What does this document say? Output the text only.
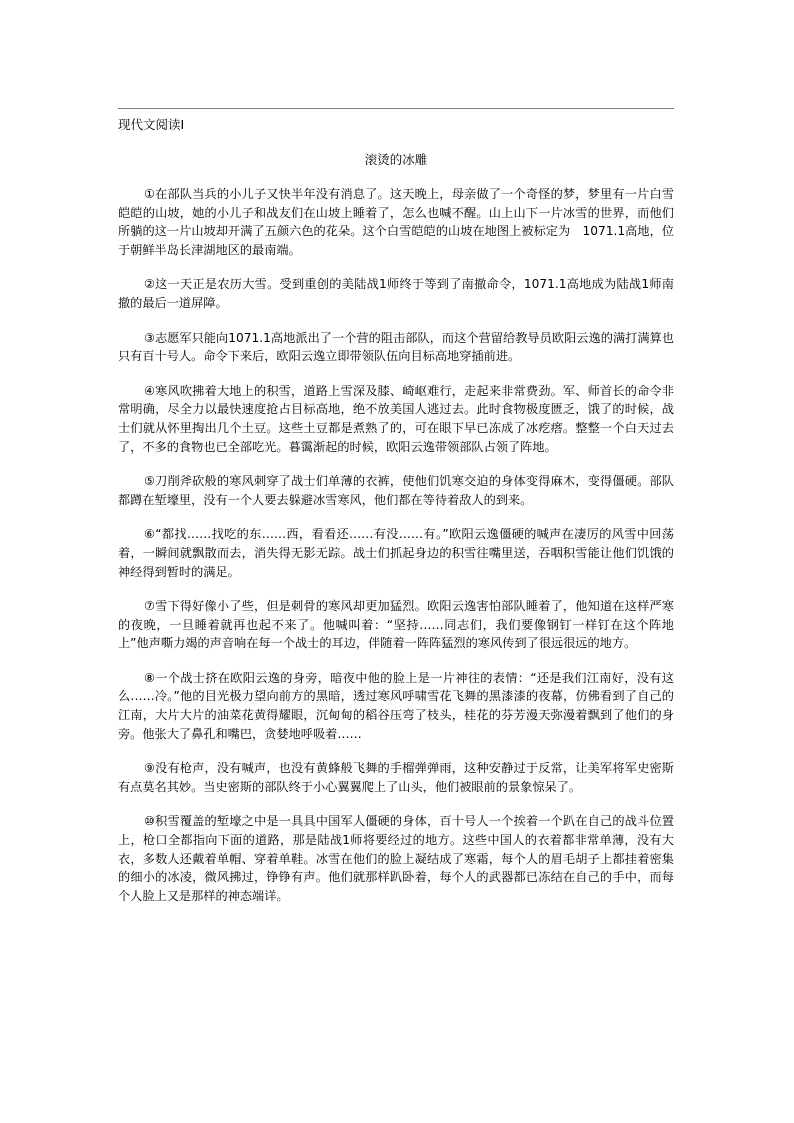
现代文阅读Ⅰ
滚烫的冰雕

①在部队当兵的小儿子又快半年没有消息了。这天晚上，母亲做了一个奇怪的梦，梦里有一片白雪皑皑的山坡，她的小儿子和战友们在山坡上睡着了，怎么也喊不醒。山上山下一片冰雪的世界，而他们所躺的这一片山坡却开满了五颜六色的花朵。这个白雪皑皑的山坡在地图上被标定为　1071.1高地，位于朝鲜半岛长津湖地区的最南端。

②这一天正是农历大雪。受到重创的美陆战1师终于等到了南撤命令，1071.1高地成为陆战1师南撤的最后一道屏障。

③志愿军只能向1071.1高地派出了一个营的阻击部队，而这个营留给教导员欧阳云逸的满打满算也只有百十号人。命令下来后，欧阳云逸立即带领队伍向目标高地穿插前进。

④寒风吹拂着大地上的积雪，道路上雪深及膝、崎岖难行，走起来非常费劲。军、师首长的命令非常明确，尽全力以最快速度抢占目标高地，绝不放美国人逃过去。此时食物极度匮乏，饿了的时候，战士们就从怀里掏出几个土豆。这些土豆都是煮熟了的，可在眼下早已冻成了冰疙瘩。整整一个白天过去了，不多的食物也已全部吃光。暮霭渐起的时候，欧阳云逸带领部队占领了阵地。

⑤刀削斧砍般的寒风刺穿了战士们单薄的衣裤，使他们饥寒交迫的身体变得麻木，变得僵硬。部队都蹲在堑壕里，没有一个人要去躲避冰雪寒风，他们都在等待着敌人的到来。

⑥“都找……找吃的东……西，看看还……有没……有。”欧阳云逸僵硬的喊声在凄厉的风雪中回荡着，一瞬间就飘散而去，消失得无影无踪。战士们抓起身边的积雪往嘴里送，吞咽积雪能让他们饥饿的神经得到暂时的满足。

⑦雪下得好像小了些，但是刺骨的寒风却更加猛烈。欧阳云逸害怕部队睡着了，他知道在这样严寒的夜晚，一旦睡着就再也起不来了。他喊叫着：“坚持……同志们，我们要像钢钉一样钉在这个阵地上”他声嘶力竭的声音响在每一个战士的耳边，伴随着一阵阵猛烈的寒风传到了很远很远的地方。

⑧一个战士挤在欧阳云逸的身旁，暗夜中他的脸上是一片神往的表情：“还是我们江南好，没有这么……冷。”他的目光极力望向前方的黑暗，透过寒风呼啸雪花飞舞的黑漆漆的夜幕，仿佛看到了自己的江南，大片大片的油菜花黄得耀眼，沉甸甸的稻谷压弯了枝头，桂花的芬芳漫天弥漫着飘到了他们的身旁。他张大了鼻孔和嘴巴，贪婪地呼吸着……

⑨没有枪声，没有喊声，也没有黄蜂般飞舞的手榴弹弹雨，这种安静过于反常，让美军将军史密斯有点莫名其妙。当史密斯的部队终于小心翼翼爬上了山头，他们被眼前的景象惊呆了。

⑩积雪覆盖的堑壕之中是一具具中国军人僵硬的身体，百十号人一个挨着一个趴在自己的战斗位置上，枪口全都指向下面的道路，那是陆战1师将要经过的地方。这些中国人的衣着都非常单薄，没有大衣，多数人还戴着单帽、穿着单鞋。冰雪在他们的脸上凝结成了寒霜，每个人的眉毛胡子上都挂着密集的细小的冰凌，微风拂过，铮铮有声。他们就那样趴卧着，每个人的武器都已冻结在自己的手中，而每个人脸上又是那样的神态端详。
